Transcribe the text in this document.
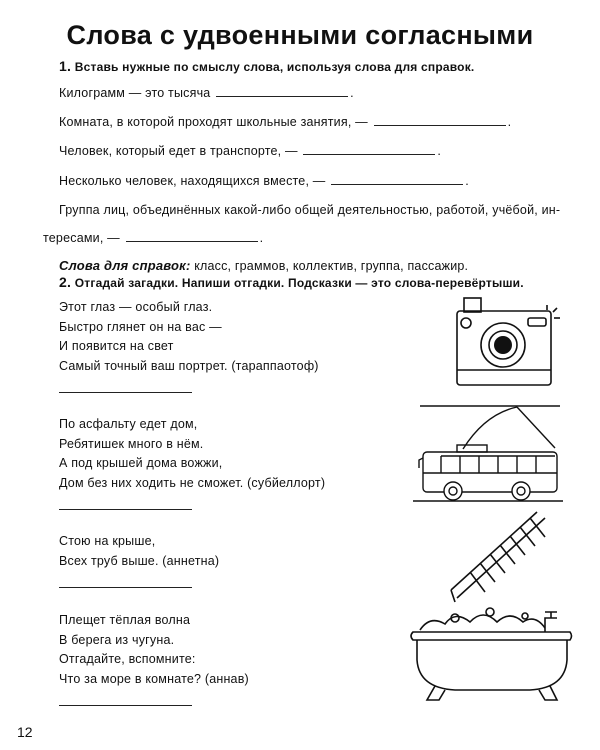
Слова с удвоенными согласными
1. Вставь нужные по смыслу слова, используя слова для справок.
Килограмм — это тысяча	.
Комната, в которой проходят школьные занятия, —	.
Человек, который едет в транспорте, —	.
Несколько человек, находящихся вместе, —	.
Группа лиц, объединённых какой-либо общей деятельностью, работой, учёбой, ин-
тересами, —	.
Слова для справок: класс, граммов, коллектив, группа, пассажир.
2. Отгадай загадки. Напиши отгадки. Подсказки — это слова-перевёртыши.
Этот глаз — особый глаз.
Быстро глянет он на вас —
И появится на свет
Самый точный ваш портрет. (тараппаотоф)
По асфальту едет дом,
Ребятишек много в нём.
А под крышей дома вожжи,
Дом без них ходить не сможет. (субйеллорт)
Стою на крыше,
Всех труб выше. (аннетна)
Плещет тёплая волна
В берега из чугуна.
Отгадайте, вспомните:
Что за море в комнате? (аннав)
12
